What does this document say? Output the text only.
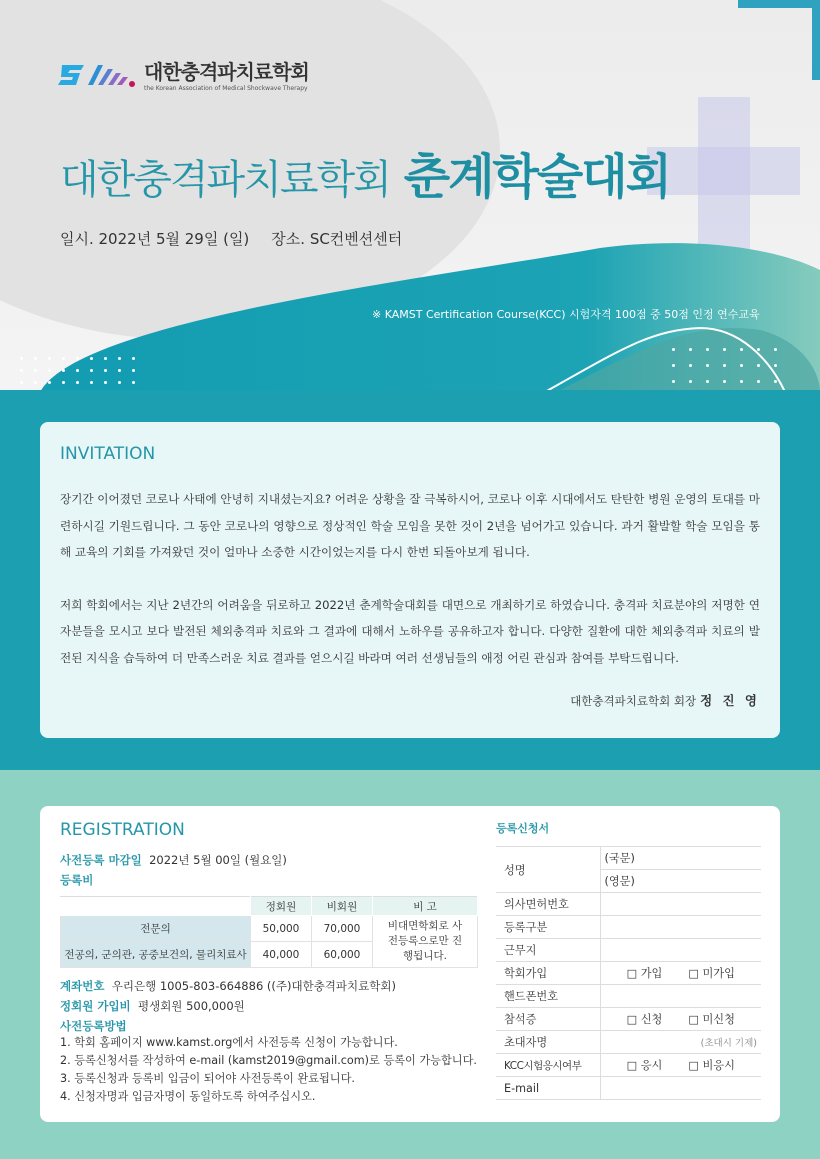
대한충격파치료학회
the Korean Association of Medical Shockwave Therapy
대한충격파치료학회 춘계학술대회
일시. 2022년 5월 29일 (일) 장소. SC컨벤션센터
※ KAMST Certification Course(KCC) 시험자격 100점 중 50점 인정 연수교육
INVITATION

장기간 이어졌던 코로나 사태에 안녕히 지내셨는지요? 어려운 상황을 잘 극복하시어, 코로나 이후 시대에서도 탄탄한 병원 운영의 토대를 마련하시길 기원드립니다. 그 동안 코로나의 영향으로 정상적인 학술 모임을 못한 것이 2년을 넘어가고 있습니다. 과거 활발할 학술 모임을 통해 교육의 기회를 가져왔던 것이 얼마나 소중한 시간이었는지를 다시 한번 되돌아보게 됩니다.

저희 학회에서는 지난 2년간의 어려움을 뒤로하고 2022년 춘계학술대회를 대면으로 개최하기로 하였습니다. 충격파 치료분야의 저명한 연자분들을 모시고 보다 발전된 체외충격파 치료와 그 결과에 대해서 노하우를 공유하고자 합니다. 다양한 질환에 대한 체외충격파 치료의 발전된 지식을 습득하여 더 만족스러운 치료 결과를 얻으시길 바라며 여러 선생님들의 애정 어린 관심과 참여를 부탁드립니다.

대한충격파치료학회 회장 정 진 영
REGISTRATION
사전등록 마감일 2022년 5월 00일 (월요일)
등록비
	정회원	비회원	비 고
전문의	50,000	70,000	비대면학회로 사전등록으로만 진행됩니다.
전공의, 군의관, 공중보건의, 물리치료사	40,000	60,000	
계좌번호 우리은행 1005-803-664886 ((주)대한충격파치료학회)
정회원 가입비 평생회원 500,000원
사전등록방법
1. 학회 홈페이지 www.kamst.org에서 사전등록 신청이 가능합니다.
2. 등록신청서를 작성하여 e-mail (kamst2019@gmail.com)로 등록이 가능합니다.
3. 등록신청과 등록비 입금이 되어야 사전등록이 완료됩니다.
4. 신청자명과 입금자명이 동일하도록 하여주십시오.
등록신청서
성명	(국문)
	(영문)
의사면허번호	
등록구분	
근무지	
학회가입	□ 가입 □ 미가입
핸드폰번호	
참석증	□ 신청 □ 미신청
초대자명	(초대시 기제)
KCC시험응시여부	□ 응시 □ 비응시
E-mail	
